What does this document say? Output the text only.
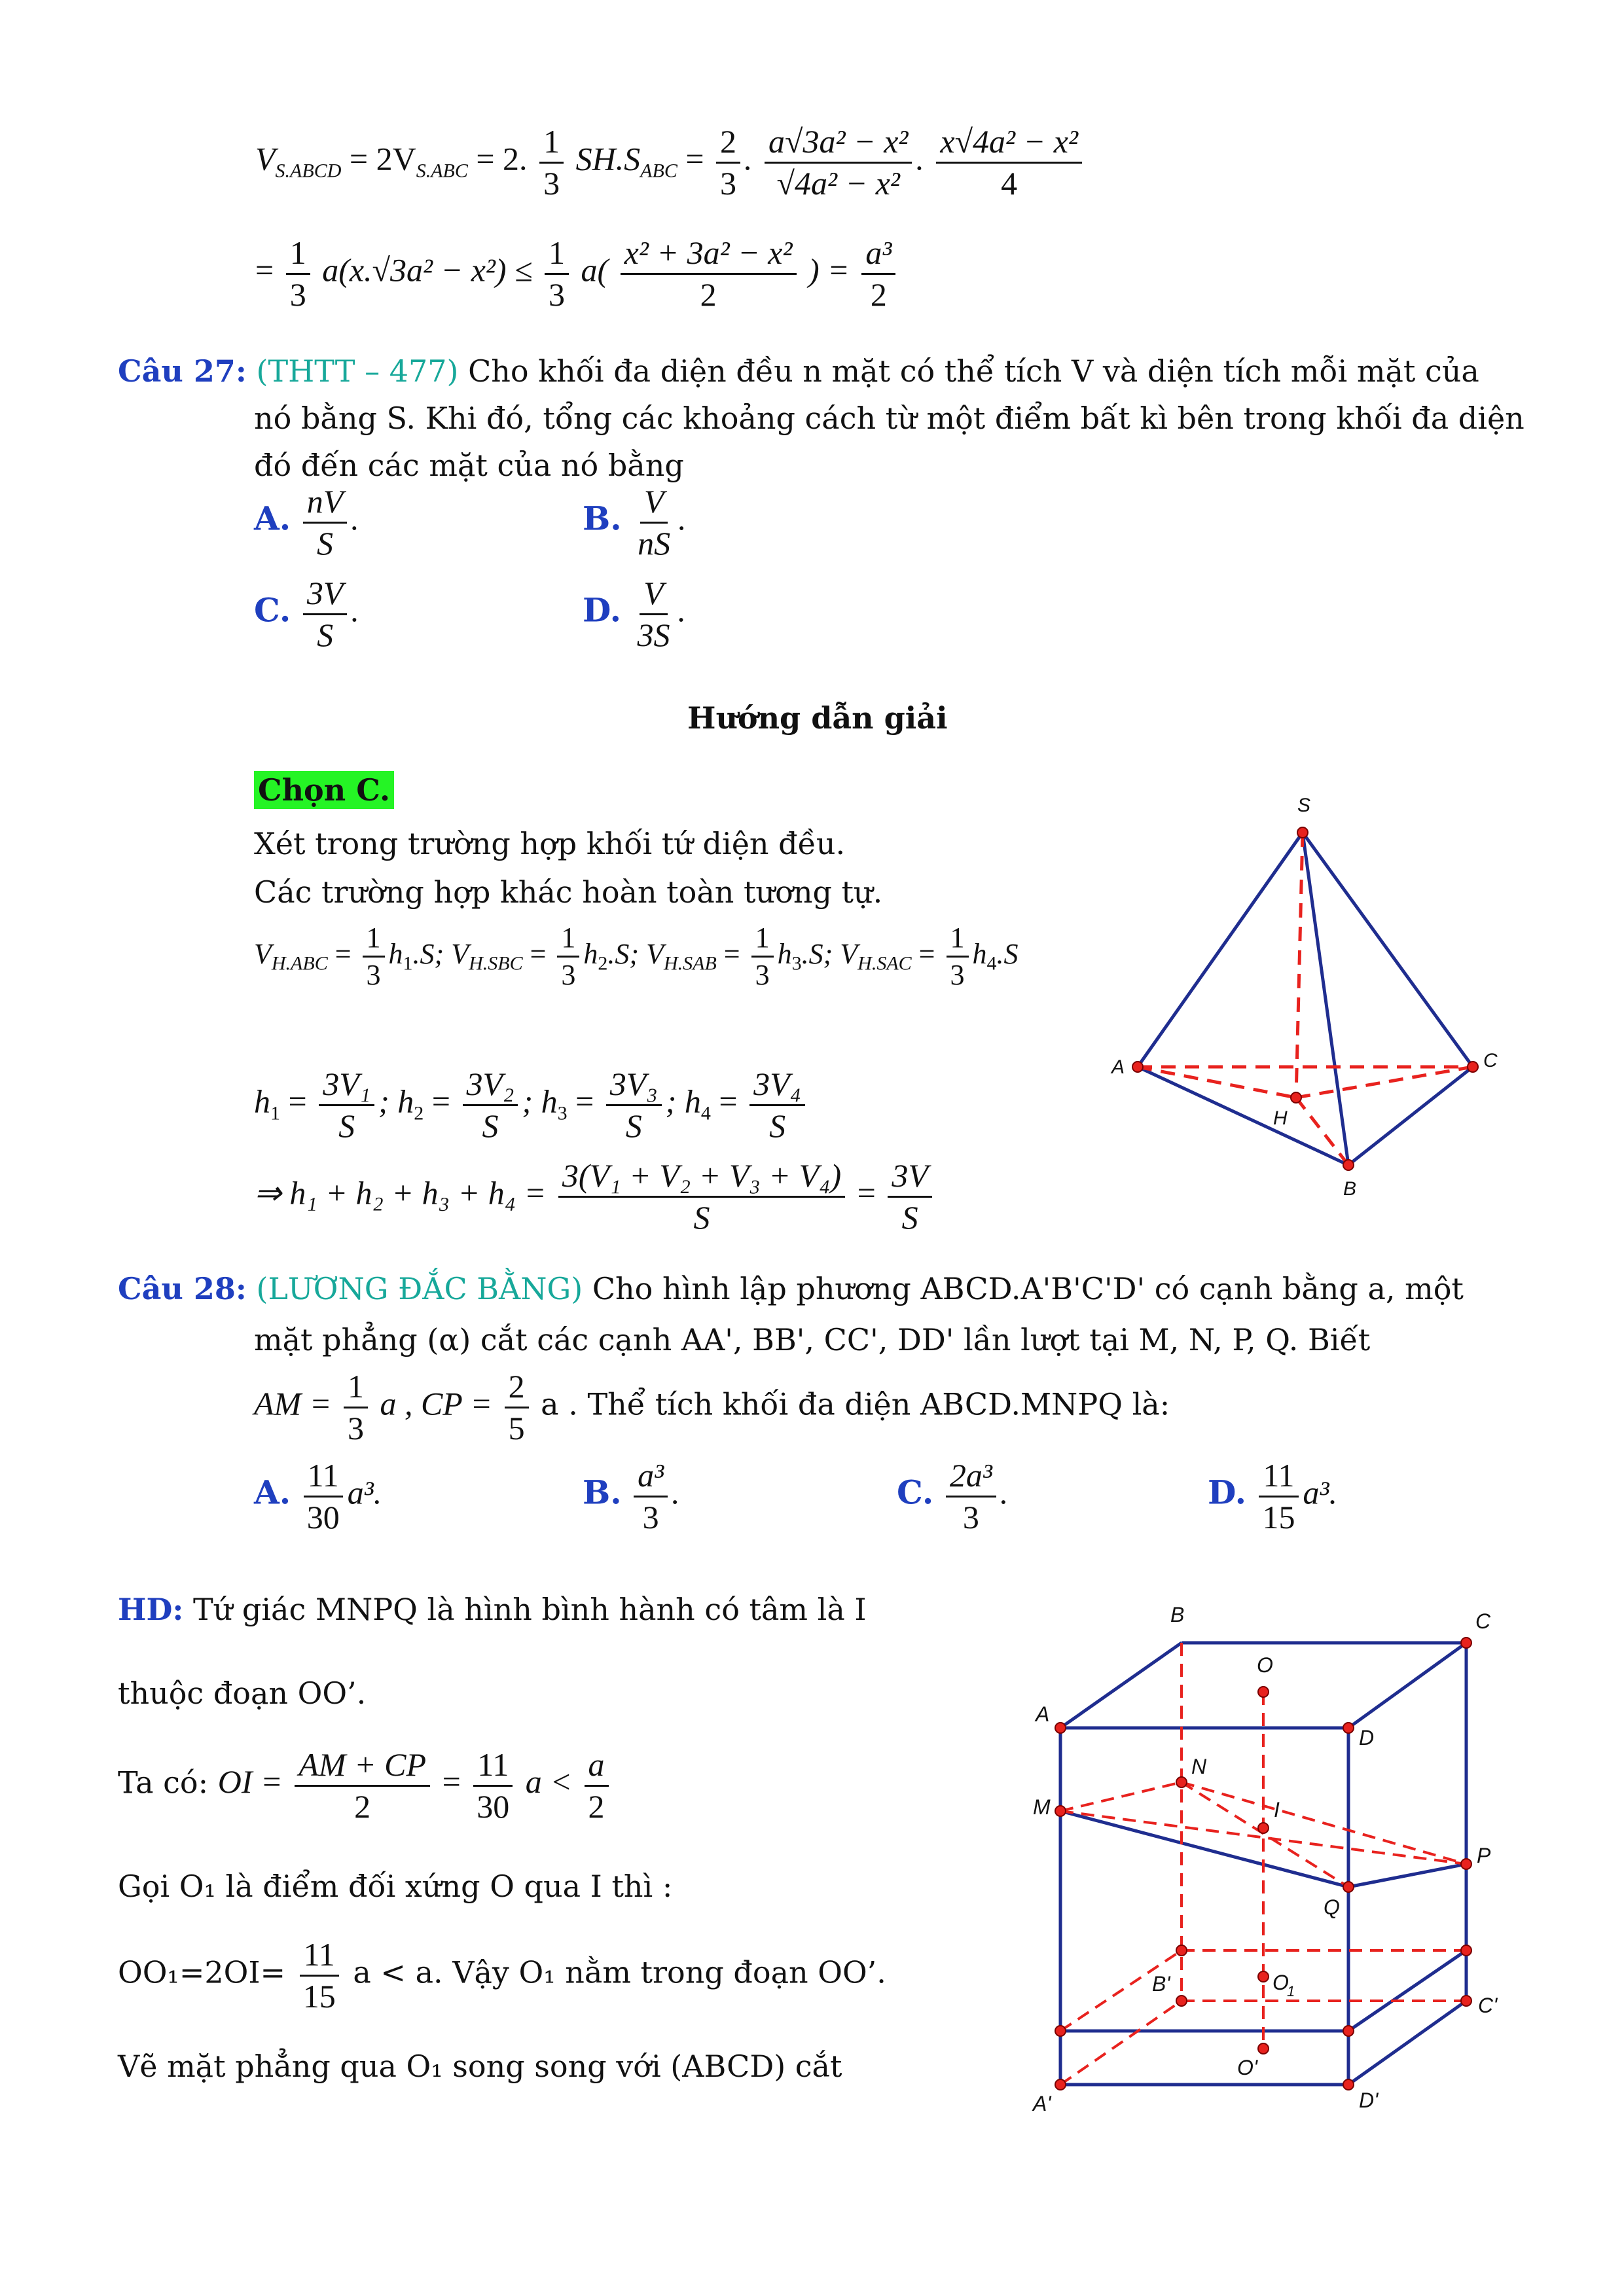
$V_{S.ABCD} = 2V_{S.ABC} = 2$. $\frac{1}{3} SH.S_{ABC} = \frac{2}{3}$ . $\frac{\text{a√3a² − x²}}{\text{√4a² − x²}}$ . $\frac{\text{x√4a² − x²}}{4}$
= $\frac{1}{3} a(x.√3a^2 - x^2) \le \frac{1}{3} a( \frac{\text{x² + 3a² − x²}}{2}$ ) = $\frac{\text{a³}}{2}$
Câu 27: (THTT – 477) Cho khối đa diện đều n mặt có thể tích V và diện tích mỗi mặt của
nó bằng S. Khi đó, tổng các khoảng cách từ một điểm bất kì bên trong khối đa diện
đó đến các mặt của nó bằng
A. $\frac{nV}{S}$ .	B. $\frac{V}{nS}$ .
C. $\frac{3V}{S}$ .	D. $\frac{V}{3S}$ .
Hướng dẫn giải
Chọn C.
Xét trong trường hợp khối tứ diện đều.
Các trường hợp khác hoàn toàn tương tự.
$V_{H.ABC} = \frac{1}{3} h_1.S$; $V_{H.SBC} = \frac{1}{3} h_2.S$; $V_{H.SAB} = \frac{1}{3} h_3.S$; $V_{H.SAC} = \frac{1}{3} h_4.S$
$h_1 = \frac{\text{3V₁}}{S}$ ; $h_2 = \frac{\text{3V₂}}{S}$ ; $h_3 = \frac{\text{3V₃}}{S}$ ; $h_4 = \frac{\text{3V₄}}{S}$
⇒ $h_1 + h_2 + h_3 + h_4 = \frac{\text{3(V₁ + V₂ + V₃ + V₄)}}{S} = \frac{3V}{S}$
S
A	C
B
H
Câu 28: (LƯƠNG ĐẮC BẰNG) Cho hình lập phương ABCD.A'B'C'D' có cạnh bằng a, một
mặt phẳng (α) cắt các cạnh AA', BB', CC', DD' lần lượt tại M, N, P, Q. Biết
AM = $\frac{1}{3}$ a , CP = $\frac{2}{5}$ a . Thể tích khối đa diện ABCD.MNPQ là:
A. $\frac{11}{30} a^3$.	B. $\frac{\text{a³}}{3}$ .	C. $\frac{\text{2a³}}{3}$ .	D. $\frac{11}{15} a^3$.
HD: Tứ giác MNPQ là hình bình hành có tâm là I
thuộc đoạn OO’.
Ta có: OI = $\frac{AM + CP}{2} = \frac{11}{30}$ $a < \frac{a}{2}$
Gọi O₁ là điểm đối xứng O qua I thì :
$OO_1=2OI= \frac{11}{15}$ a < a. Vậy O₁ nằm trong đoạn OO’.
Vẽ mặt phẳng qua O₁ song song với (ABCD) cắt
B	C
O
A
D
N
M	I
P
Q
B'	O
1
C'
O'
A'	D'
